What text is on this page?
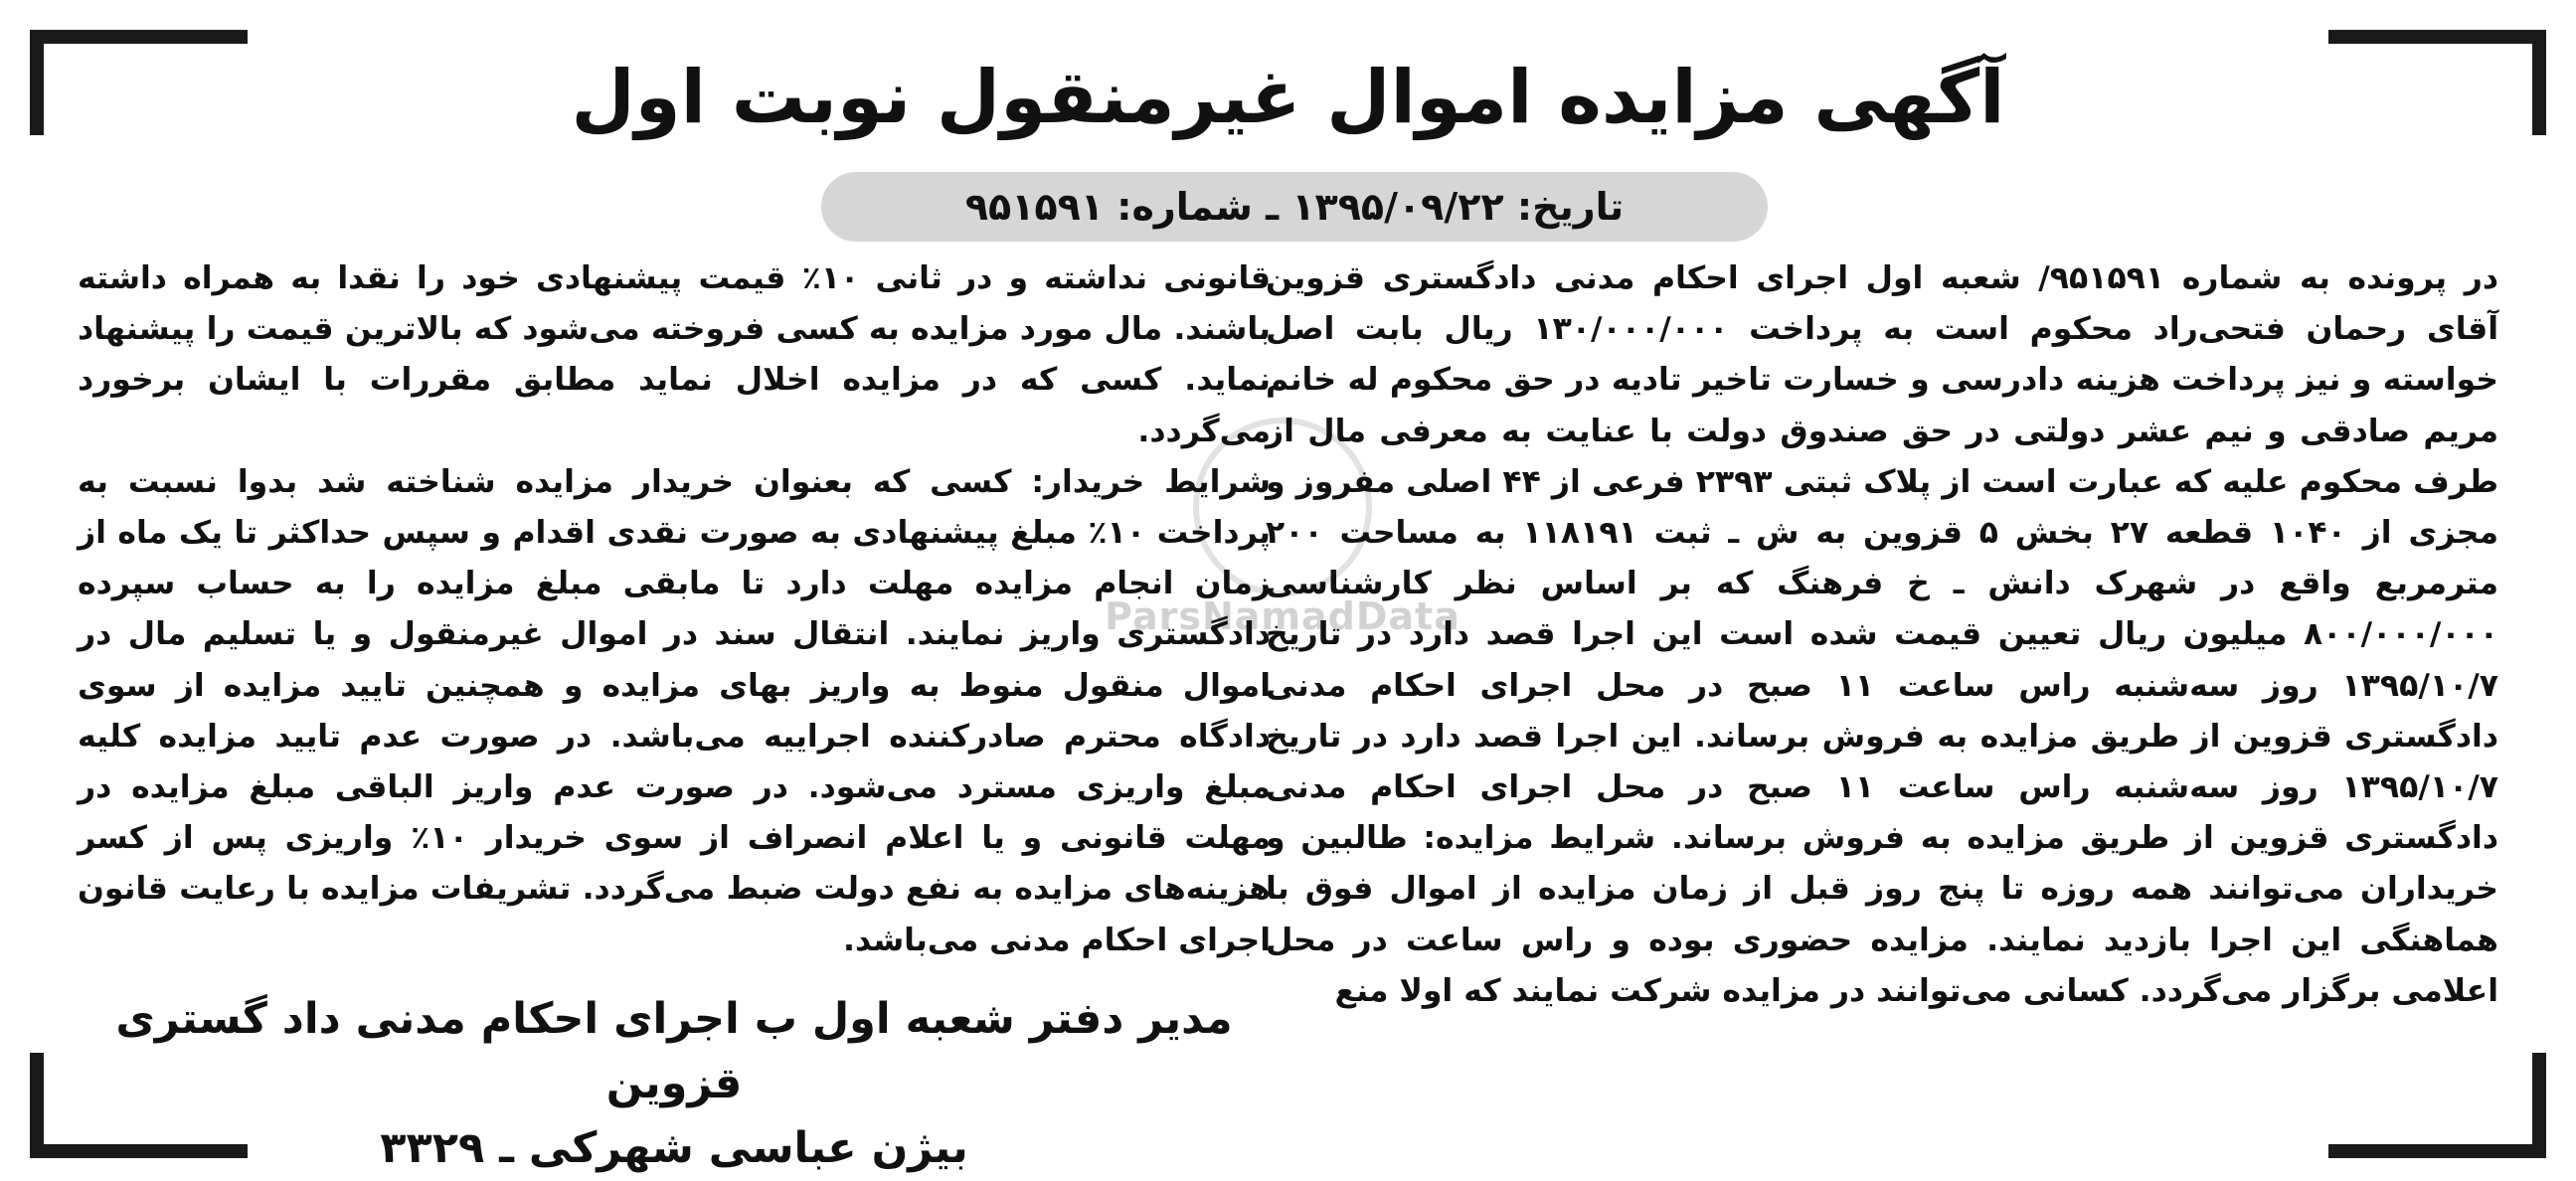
ParsNamadData
آگهی مزایده اموال غیرمنقول نوبت اول
تاریخ: ۱۳۹۵/۰۹/۲۲ ـ شماره: ۹۵۱۵۹۱

در پرونده به شماره ۹۵۱۵۹۱/ شعبه اول اجرای احکام مدنی دادگستری قزوین آقای رحمان فتحی‌راد محکوم است به پرداخت ۱۳۰/۰۰۰/۰۰۰ ریال بابت اصل خواسته و نیز پرداخت هزینه دادرسی و خسارت تاخیر تادیه در حق محکوم له خانم مریم صادقی و نیم عشر دولتی در حق صندوق دولت با عنایت به معرفی مال از طرف محکوم علیه که عبارت است از پلاک ثبتی ۲۳۹۳ فرعی از ۴۴ اصلی مفروز و مجزی از ۱۰۴۰ قطعه ۲۷ بخش ۵ قزوین به ش ـ ثبت ۱۱۸۱۹۱ به مساحت ۲۰۰ مترمربع واقع در شهرک دانش ـ خ فرهنگ که بر اساس نظر کارشناسی ۸۰۰/۰۰۰/۰۰۰ میلیون ریال تعیین قیمت شده است این اجرا قصد دارد در تاریخ ۱۳۹۵/۱۰/۷ روز سه‌شنبه راس ساعت ۱۱ صبح در محل اجرای احکام مدنی دادگستری قزوین از طریق مزایده به فروش برساند. این اجرا قصد دارد در تاریخ ۱۳۹۵/۱۰/۷ روز سه‌شنبه راس ساعت ۱۱ صبح در محل اجرای احکام مدنی دادگستری قزوین از طریق مزایده به فروش برساند. شرایط مزایده: طالبین و خریداران می‌توانند همه روزه تا پنج روز قبل از زمان مزایده از اموال فوق با هماهنگی این اجرا بازدید نمایند. مزایده حضوری بوده و راس ساعت در محل اعلامی برگزار می‌گردد. کسانی می‌توانند در مزایده شرکت نمایند که اولا منع

قانونی نداشته و در ثانی ۱۰٪ قیمت پیشنهادی خود را نقدا به همراه داشته باشند. مال مورد مزایده به کسی فروخته می‌شود که بالاترین قیمت را پیشنهاد نماید. کسی که در مزایده اخلال نماید مطابق مقررات با ایشان برخورد می‌گردد.

شرایط خریدار: کسی که بعنوان خریدار مزایده شناخته شد بدوا نسبت به پرداخت ۱۰٪ مبلغ پیشنهادی به صورت نقدی اقدام و سپس حداکثر تا یک ماه از زمان انجام مزایده مهلت دارد تا مابقی مبلغ مزایده را به حساب سپرده دادگستری واریز نمایند. انتقال سند در اموال غیرمنقول و یا تسلیم مال در اموال منقول منوط به واریز بهای مزایده و همچنین تایید مزایده از سوی دادگاه محترم صادرکننده اجراییه می‌باشد. در صورت عدم تایید مزایده کلیه مبلغ واریزی مسترد می‌شود. در صورت عدم واریز الباقی مبلغ مزایده در مهلت قانونی و یا اعلام انصراف از سوی خریدار ۱۰٪ واریزی پس از کسر هزینه‌های مزایده به نفع دولت ضبط می‌گردد. تشریفات مزایده با رعایت قانون اجرای احکام مدنی می‌باشد.

مدیر دفتر شعبه اول ب اجرای احکام مدنی داد گستری قزوین
بیژن عباسی شهرکی ـ ۳۳۲۹
